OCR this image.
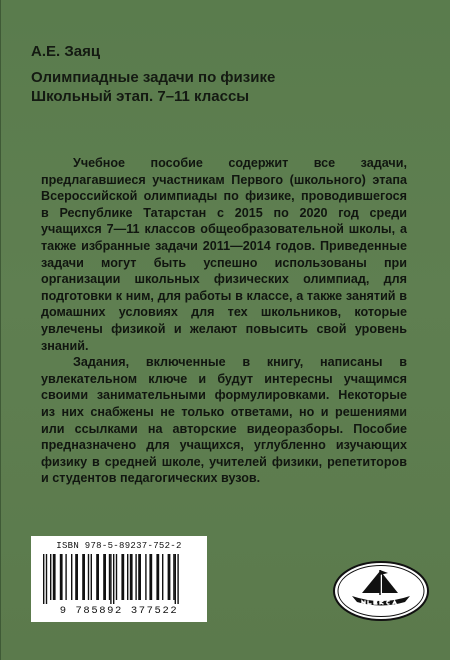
А.Е. Заяц
Олимпиадные задачи по физике
Школьный этап. 7–11 классы

Учебное пособие содержит все задачи, предлагавшиеся участникам Первого (школьного) этапа Всероссийской олимпиады по физике, проводившегося в Республике Татарстан с 2015 по 2020 год среди учащихся 7—11 классов общеобразовательной школы, а также избранные задачи 2011—2014 годов. Приведенные задачи могут быть успешно использованы при организации школьных физических олимпиад, для подготовки к ним, для работы в классе, а также занятий в домашних условиях для тех школьников, которые увлечены физикой и желают повысить свой уровень знаний.

Задания, включенные в книгу, написаны в увлекательном ключе и будут интересны учащимся своими занимательными формулировками. Некоторые из них снабжены не только ответами, но и решениями или ссылками на авторские видеоразборы. Пособие предназначено для учащихся, углубленно изучающих физику в средней школе, учителей физики, репетиторов и студентов педагогических вузов.

ISBN 978-5-89237-752-2
9 785892 377522
